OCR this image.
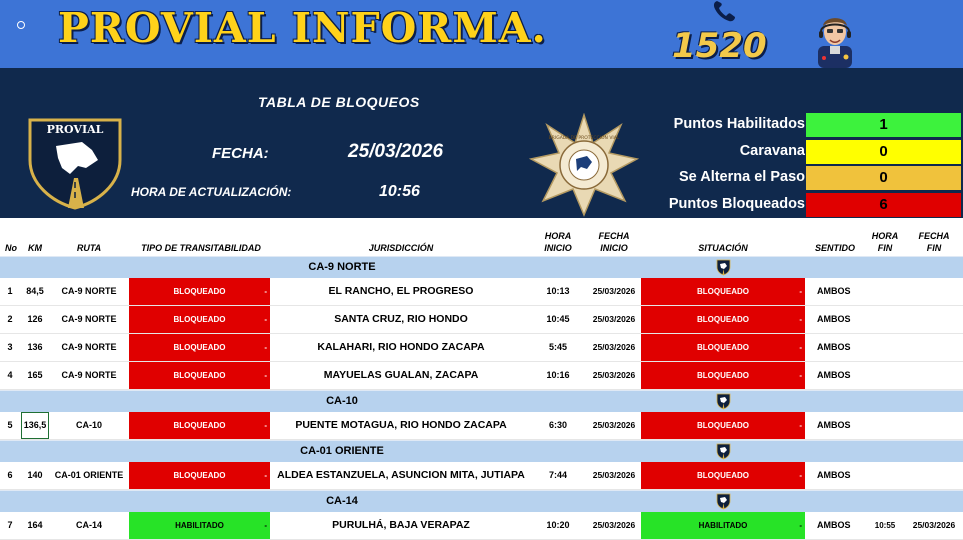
PROVIAL INFORMA.	1520
PROVIAL
TABLA DE BLOQUEOS
FECHA:	25/03/2026
HORA DE ACTUALIZACIÓN:	10:56
BRIGADA DE PROTECCION VIAL
Puntos Habilitados	1
Caravana	0
Se Alterna el Paso	0
Puntos Bloqueados	6
No	KM	RUTA	TIPO DE TRANSITABILIDAD	JURISDICCIÓN
HORA
INICIO
FECHA
INICIO	SITUACIÓN	SENTIDO
HORA
FIN
FECHA
FIN
CA-9 NORTE
1	84,5	CA-9 NORTE	BLOQUEADO	-	EL RANCHO, EL PROGRESO	10:13	25/03/2026	BLOQUEADO	-	AMBOS
2	126	CA-9 NORTE	BLOQUEADO	-	SANTA CRUZ, RIO HONDO	10:45	25/03/2026	BLOQUEADO	-	AMBOS
3	136	CA-9 NORTE	BLOQUEADO	-	KALAHARI, RIO HONDO ZACAPA	5:45	25/03/2026	BLOQUEADO	-	AMBOS
4	165	CA-9 NORTE	BLOQUEADO	-	MAYUELAS GUALAN, ZACAPA	10:16	25/03/2026	BLOQUEADO	-	AMBOS
CA-10
5	136,5	CA-10	BLOQUEADO	-	PUENTE MOTAGUA, RIO HONDO ZACAPA	6:30	25/03/2026	BLOQUEADO	-	AMBOS
CA-01 ORIENTE
6	140	CA-01 ORIENTE	BLOQUEADO	- ALDEA ESTANZUELA, ASUNCION MITA, JUTIAPA	7:44	25/03/2026	BLOQUEADO	-	AMBOS
CA-14
7	164	CA-14	HABILITADO	-	PURULHÁ, BAJA VERAPAZ	10:20	25/03/2026	HABILITADO	-	AMBOS	10:55	25/03/2026
